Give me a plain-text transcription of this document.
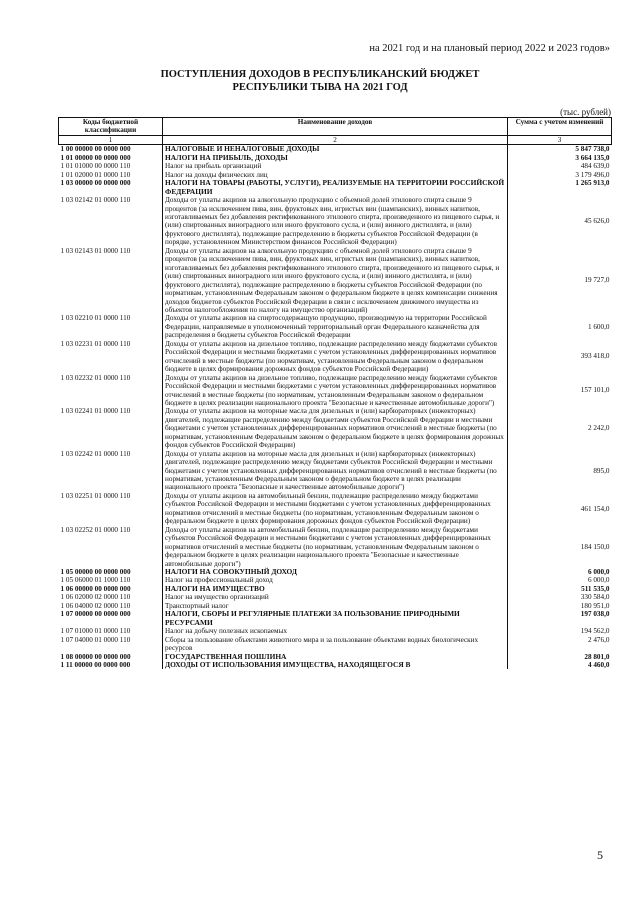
на 2021 год и на плановый период 2022 и 2023 годов»
ПОСТУПЛЕНИЯ ДОХОДОВ В РЕСПУБЛИКАНСКИЙ БЮДЖЕТ
РЕСПУБЛИКИ ТЫВА НА 2021 ГОД
(тыс. рублей)
Коды бюджетной классификации	Наименование доходов	Сумма с учетом изменений
1	2	3
1 00 00000 00 0000 000	НАЛОГОВЫЕ И НЕНАЛОГОВЫЕ ДОХОДЫ	5 847 738,0
1 01 00000 00 0000 000	НАЛОГИ НА ПРИБЫЛЬ, ДОХОДЫ	3 664 135,0
1 01 01000 00 0000 110	Налог на прибыль организаций	484 639,0
1 01 02000 01 0000 110	Налог на доходы физических лиц	3 179 496,0
1 03 00000 00 0000 000	НАЛОГИ НА ТОВАРЫ (РАБОТЫ, УСЛУГИ), РЕАЛИЗУЕМЫЕ НА ТЕРРИТОРИИ РОССИЙСКОЙ ФЕДЕРАЦИИ	1 265 913,0
1 03 02142 01 0000 110	Доходы от уплаты акцизов на алкогольную продукцию с объемной долей этилового спирта свыше 9 процентов (за исключением пива, вин, фруктовых вин, игристых вин (шампанских), винных напитков, изготавливаемых без добавления ректификованного этилового спирта, произведенного из пищевого сырья, и (или) спиртованных виноградного или иного фруктового сусла, и (или) винного дистиллята, и (или) фруктового дистиллята), подлежащие распределению в бюджеты субъектов Российской Федерации (в порядке, установленном Министерством финансов Российской Федерации)	45 626,0
1 03 02143 01 0000 110	Доходы от уплаты акцизов на алкогольную продукцию с объемной долей этилового спирта свыше 9 процентов (за исключением пива, вин, фруктовых вин, игристых вин (шампанских), винных напитков, изготавливаемых без добавления ректификованного этилового спирта, произведенного из пищевого сырья, и (или) спиртованных виноградного или иного фруктового сусла, и (или) винного дистиллята, и (или) фруктового дистиллята), подлежащие распределению в бюджеты субъектов Российской Федерации (по нормативам, установленным Федеральным законом о федеральном бюджете в целях компенсации снижения доходов бюджетов субъектов Российской Федерации в связи с исключением движимого имущества из объектов налогообложения по налогу на имущество организаций)	19 727,0
1 03 02210 01 0000 110	Доходы от уплаты акцизов на спиртосодержащую продукцию, производимую на территории Российской Федерации, направляемые в уполномоченный территориальный орган Федерального казначейства для распределения в бюджеты субъектов Российской Федерации	1 600,0
1 03 02231 01 0000 110	Доходы от уплаты акцизов на дизельное топливо, подлежащие распределению между бюджетами субъектов Российской Федерации и местными бюджетами с учетом установленных дифференцированных нормативов отчислений в местные бюджеты (по нормативам, установленным Федеральным законом о федеральном бюджете в целях формирования дорожных фондов субъектов Российской Федерации)	393 418,0
1 03 02232 01 0000 110	Доходы от уплаты акцизов на дизельное топливо, подлежащие распределению между бюджетами субъектов Российской Федерации и местными бюджетами с учетом установленных дифференцированных нормативов отчислений в местные бюджеты (по нормативам, установленным Федеральным законом о федеральном бюджете в целях реализации национального проекта "Безопасные и качественные автомобильные дороги")	157 101,0
1 03 02241 01 0000 110	Доходы от уплаты акцизов на моторные масла для дизельных и (или) карбюраторных (инжекторных) двигателей, подлежащие распределению между бюджетами субъектов Российской Федерации и местными бюджетами с учетом установленных дифференцированных нормативов отчислений в местные бюджеты (по нормативам, установленным Федеральным законом о федеральном бюджете в целях формирования дорожных фондов субъектов Российской Федерации)	2 242,0
1 03 02242 01 0000 110	Доходы от уплаты акцизов на моторные масла для дизельных и (или) карбюраторных (инжекторных) двигателей, подлежащие распределению между бюджетами субъектов Российской Федерации и местными бюджетами с учетом установленных дифференцированных нормативов отчислений в местные бюджеты (по нормативам, установленным Федеральным законом о федеральном бюджете в целях реализации национального проекта "Безопасные и качественные автомобильные дороги")	895,0
1 03 02251 01 0000 110	Доходы от уплаты акцизов на автомобильный бензин, подлежащие распределению между бюджетами субъектов Российской Федерации и местными бюджетами с учетом установленных дифференцированных нормативов отчислений в местные бюджеты (по нормативам, установленным Федеральным законом о федеральном бюджете в целях формирования дорожных фондов субъектов Российской Федерации)	461 154,0
1 03 02252 01 0000 110	Доходы от уплаты акцизов на автомобильный бензин, подлежащие распределению между бюджетами субъектов Российской Федерации и местными бюджетами с учетом установленных дифференцированных нормативов отчислений в местные бюджеты (по нормативам, установленным Федеральным законом о федеральном бюджете в целях реализации национального проекта "Безопасные и качественные автомобильные дороги")	184 150,0
1 05 00000 00 0000 000	НАЛОГИ НА СОВОКУПНЫЙ ДОХОД	6 000,0
1 05 06000 01 1000 110	Налог на профессиональный доход	6 000,0
1 06 00000 00 0000 000	НАЛОГИ НА ИМУЩЕСТВО	511 535,0
1 06 02000 02 0000 110	Налог на имущество организаций	330 584,0
1 06 04000 02 0000 110	Транспортный налог	180 951,0
1 07 00000 00 0000 000	НАЛОГИ, СБОРЫ И РЕГУЛЯРНЫЕ ПЛАТЕЖИ ЗА ПОЛЬЗОВАНИЕ ПРИРОДНЫМИ РЕСУРСАМИ	197 038,0
1 07 01000 01 0000 110	Налог на добычу полезных ископаемых	194 562,0
1 07 04000 01 0000 110	Сборы за пользование объектами животного мира и за пользование объектами водных биологических ресурсов	2 476,0
1 08 00000 00 0000 000	ГОСУДАРСТВЕННАЯ ПОШЛИНА	28 801,0
1 11 00000 00 0000 000	ДОХОДЫ ОТ ИСПОЛЬЗОВАНИЯ ИМУЩЕСТВА, НАХОДЯЩЕГОСЯ В	4 460,0
5
